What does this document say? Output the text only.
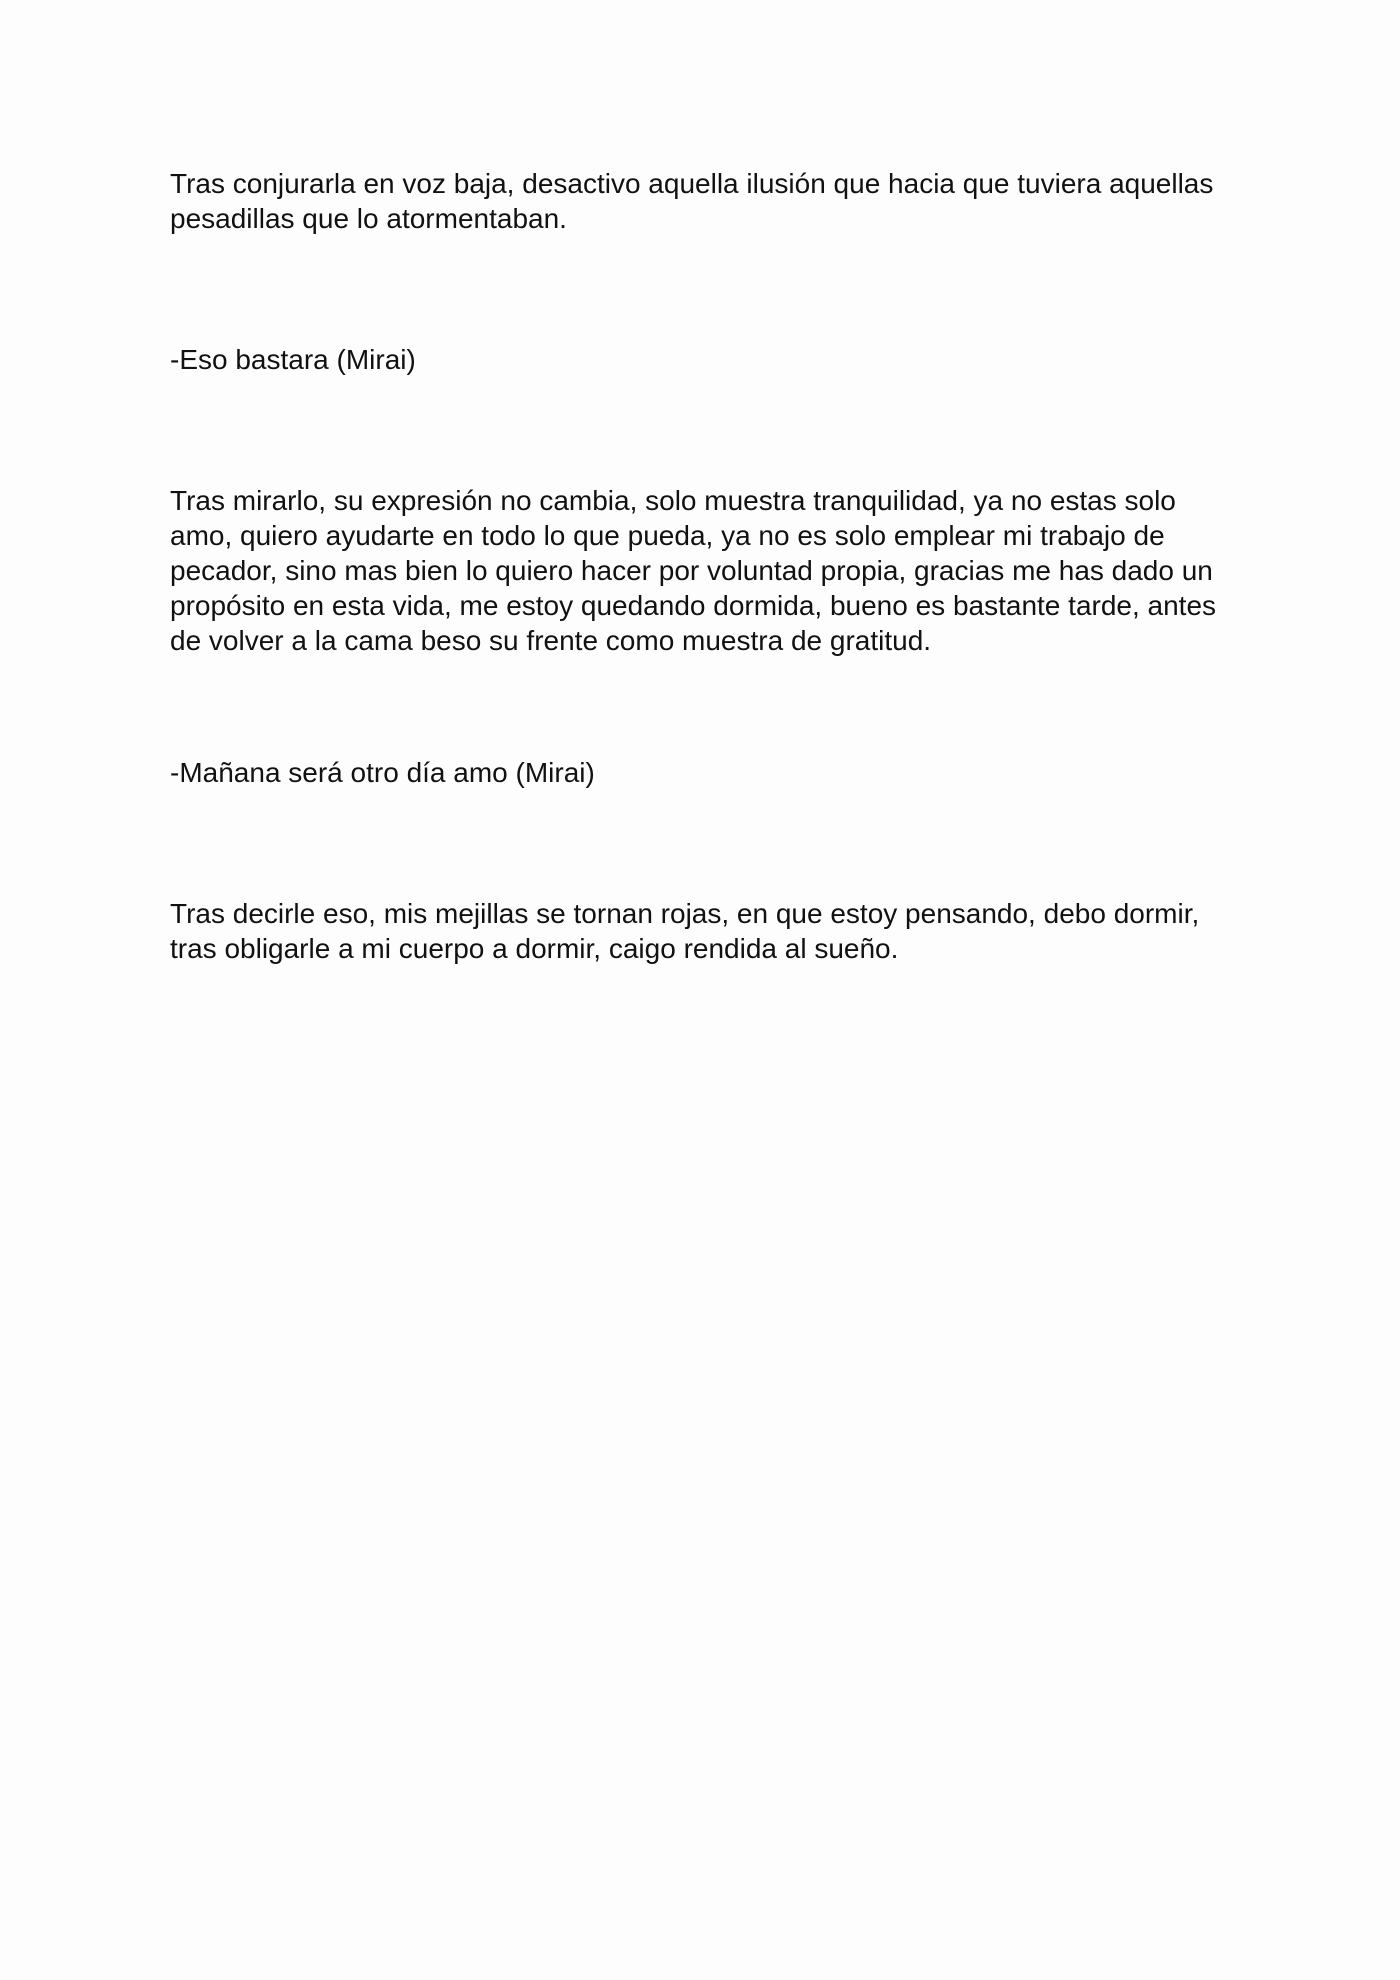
Tras conjurarla en voz baja, desactivo aquella ilusión que hacia que tuviera aquellas pesadillas que lo atormentaban.

-Eso bastara (Mirai)

Tras mirarlo, su expresión no cambia, solo muestra tranquilidad, ya no estas solo amo, quiero ayudarte en todo lo que pueda, ya no es solo emplear mi trabajo de pecador, sino mas bien lo quiero hacer por voluntad propia, gracias me has dado un propósito en esta vida, me estoy quedando dormida, bueno es bastante tarde, antes de volver a la cama beso su frente como muestra de gratitud.

-Mañana será otro día amo (Mirai)

Tras decirle eso, mis mejillas se tornan rojas, en que estoy pensando, debo dormir, tras obligarle a mi cuerpo a dormir, caigo rendida al sueño.
